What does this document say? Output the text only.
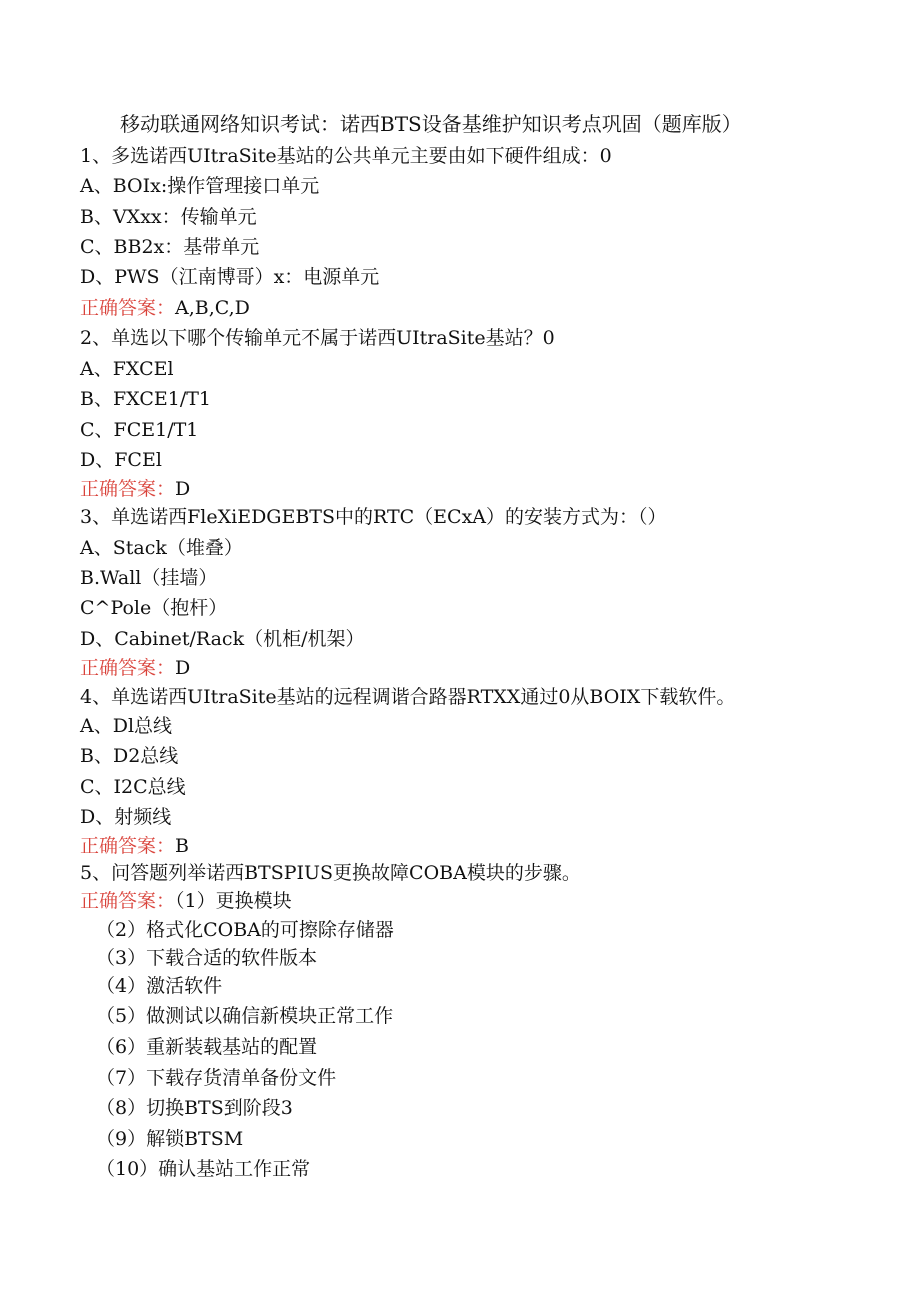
移动联通网络知识考试：诺西BTS设备基维护知识考点巩固（题库版）
1、多选诺西UItraSite基站的公共单元主要由如下硬件组成：0
A、BOIx:操作管理接口单元
B、VXxx：传输单元
C、BB2x：基带单元
D、PWS（江南博哥）x：电源单元
正确答案：A,B,C,D
2、单选以下哪个传输单元不属于诺西UItraSite基站？0
A、FXCEl
B、FXCE1/T1
C、FCE1/T1
D、FCEl
正确答案：D
3、单选诺西FleXiEDGEBTS中的RTC（ECxA）的安装方式为：（）
A、Stack（堆叠）
B.Wall（挂墙）
C^Pole（抱杆）
D、Cabinet/Rack（机柜/机架）
正确答案：D
4、单选诺西UItraSite基站的远程调谐合路器RTXX通过0从BOIX下载软件。
A、Dl总线
B、D2总线
C、I2C总线
D、射频线
正确答案：B
5、问答题列举诺西BTSPIUS更换故障COBA模块的步骤。
正确答案：（1）更换模块
（2）格式化COBA的可擦除存储器
（3）下载合适的软件版本
（4）激活软件
（5）做测试以确信新模块正常工作
（6）重新装载基站的配置
（7）下载存货清单备份文件
（8）切换BTS到阶段3
（9）解锁BTSM
（10）确认基站工作正常
